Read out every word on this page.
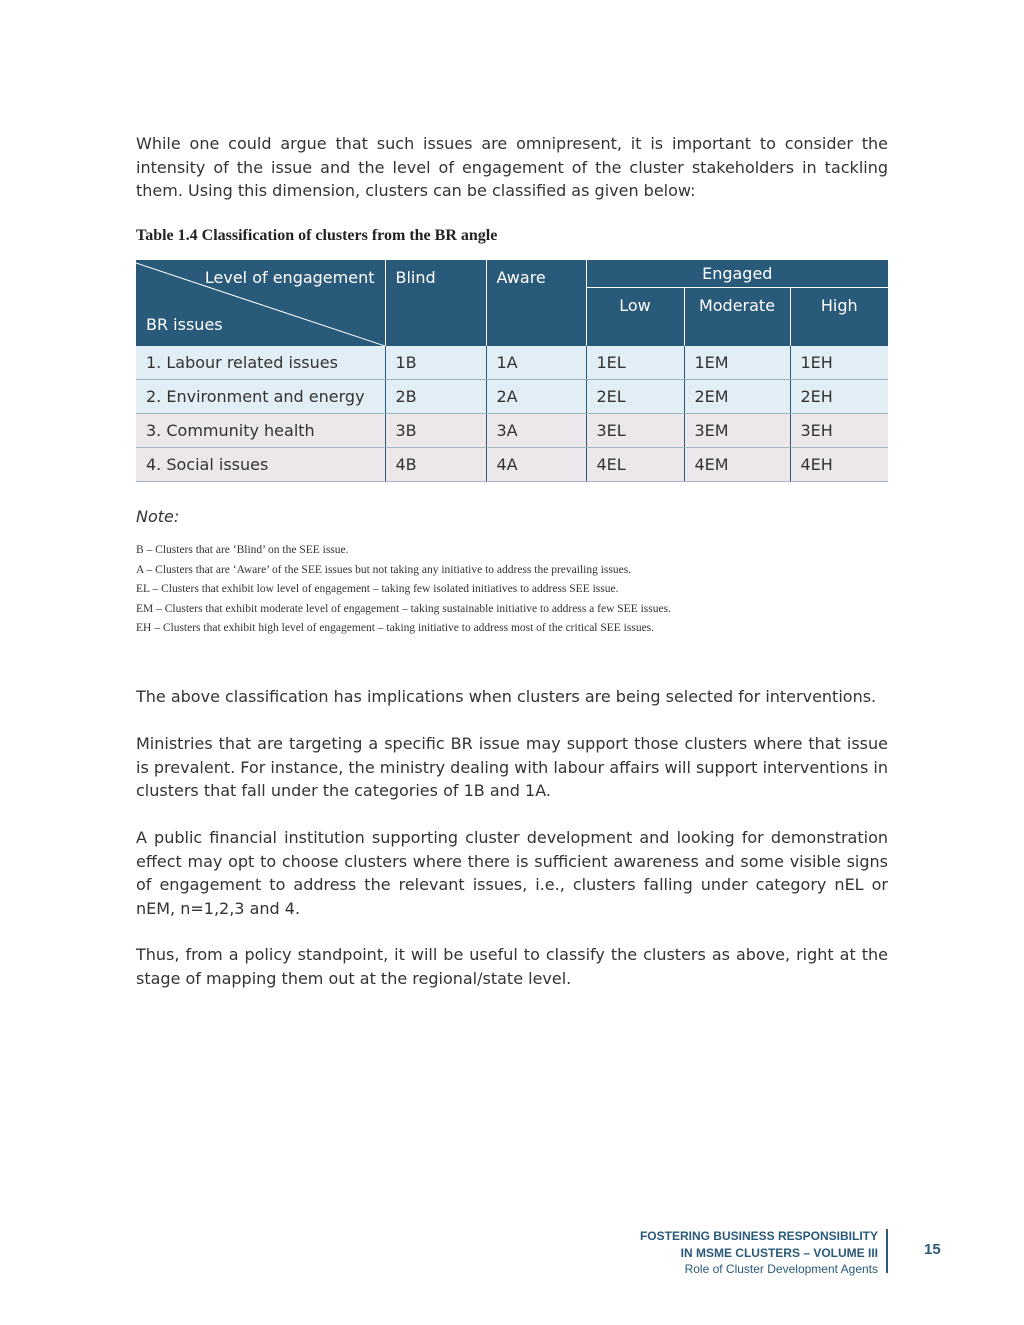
While one could argue that such issues are omnipresent, it is important to consider the intensity of the issue and the level of engagement of the cluster stakeholders in tackling them. Using this dimension, clusters can be classified as given below:

Table 1.4 Classification of clusters from the BR angle
Level of engagement
BR issues	Blind	Aware	Engaged		
			Low	Moderate	High
1. Labour related issues	1B	1A	1EL	1EM	1EH
2. Environment and energy	2B	2A	2EL	2EM	2EH
3. Community health	3B	3A	3EL	3EM	3EH
4. Social issues	4B	4A	4EL	4EM	4EH
Note:
B – Clusters that are ‘Blind’ on the SEE issue.
A – Clusters that are ‘Aware’ of the SEE issues but not taking any initiative to address the prevailing issues.
EL – Clusters that exhibit low level of engagement – taking few isolated initiatives to address SEE issue.
EM – Clusters that exhibit moderate level of engagement – taking sustainable initiative to address a few SEE issues.
EH – Clusters that exhibit high level of engagement – taking initiative to address most of the critical SEE issues.

The above classification has implications when clusters are being selected for interventions.

Ministries that are targeting a specific BR issue may support those clusters where that issue is prevalent. For instance, the ministry dealing with labour affairs will support interventions in clusters that fall under the categories of 1B and 1A.

A public financial institution supporting cluster development and looking for demonstration effect may opt to choose clusters where there is sufficient awareness and some visible signs of engagement to address the relevant issues, i.e., clusters falling under category nEL or nEM, n=1,2,3 and 4.

Thus, from a policy standpoint, it will be useful to classify the clusters as above, right at the stage of mapping them out at the regional/state level.

FOSTERING BUSINESS RESPONSIBILITY
IN MSME CLUSTERS – VOLUME III
Role of Cluster Development Agents
15
